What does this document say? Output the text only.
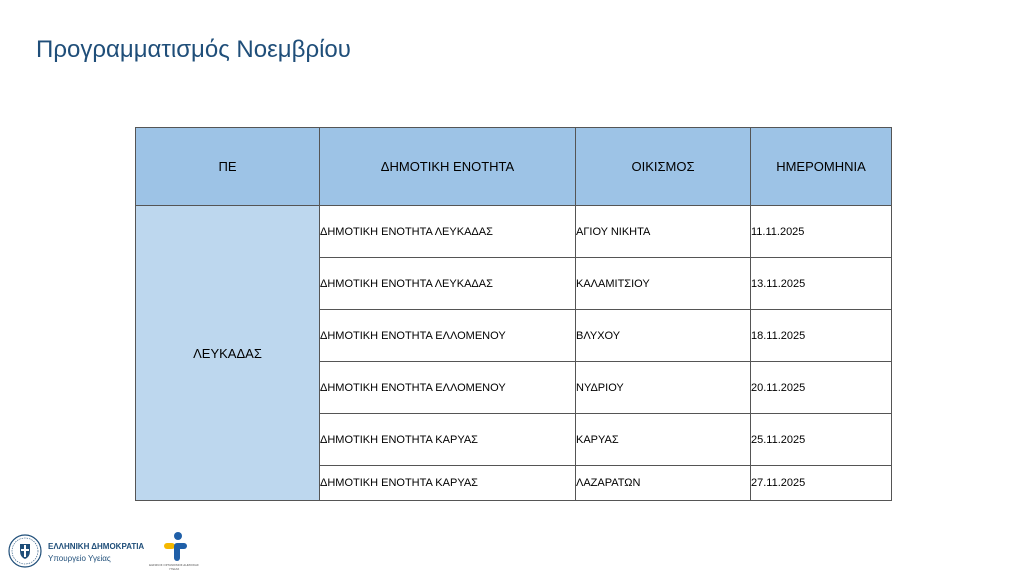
Προγραμματισμός Νοεμβρίου
ΠΕ	ΔΗΜΟΤΙΚΗ ΕΝΟΤΗΤΑ	ΟΙΚΙΣΜΟΣ	ΗΜΕΡΟΜΗΝΙΑ
ΛΕΥΚΑΔΑΣ	ΔΗΜΟΤΙΚΗ ΕΝΟΤΗΤΑ ΛΕΥΚΑΔΑΣ	ΑΓΙΟΥ ΝΙΚΗΤΑ	11.11.2025
	ΔΗΜΟΤΙΚΗ ΕΝΟΤΗΤΑ ΛΕΥΚΑΔΑΣ	ΚΑΛΑΜΙΤΣΙΟΥ	13.11.2025
	ΔΗΜΟΤΙΚΗ ΕΝΟΤΗΤΑ ΕΛΛΟΜΕΝΟΥ	ΒΛΥΧΟΥ	18.11.2025
	ΔΗΜΟΤΙΚΗ ΕΝΟΤΗΤΑ ΕΛΛΟΜΕΝΟΥ	ΝΥΔΡΙΟΥ	20.11.2025
	ΔΗΜΟΤΙΚΗ ΕΝΟΤΗΤΑ ΚΑΡΥΑΣ	ΚΑΡΥΑΣ	25.11.2025
	ΔΗΜΟΤΙΚΗ ΕΝΟΤΗΤΑ ΚΑΡΥΑΣ	ΛΑΖΑΡΑΤΩΝ	27.11.2025
ΕΛΛΗΝΙΚΗ ΔΗΜΟΚΡΑΤΙΑ
Υπουργείο Υγείας
ΕΘΝΙΚΟΣ ΟΡΓΑΝΙΣΜΟΣ ΔΗΜΟΣΙΑΣ ΥΓΕΙΑΣ
